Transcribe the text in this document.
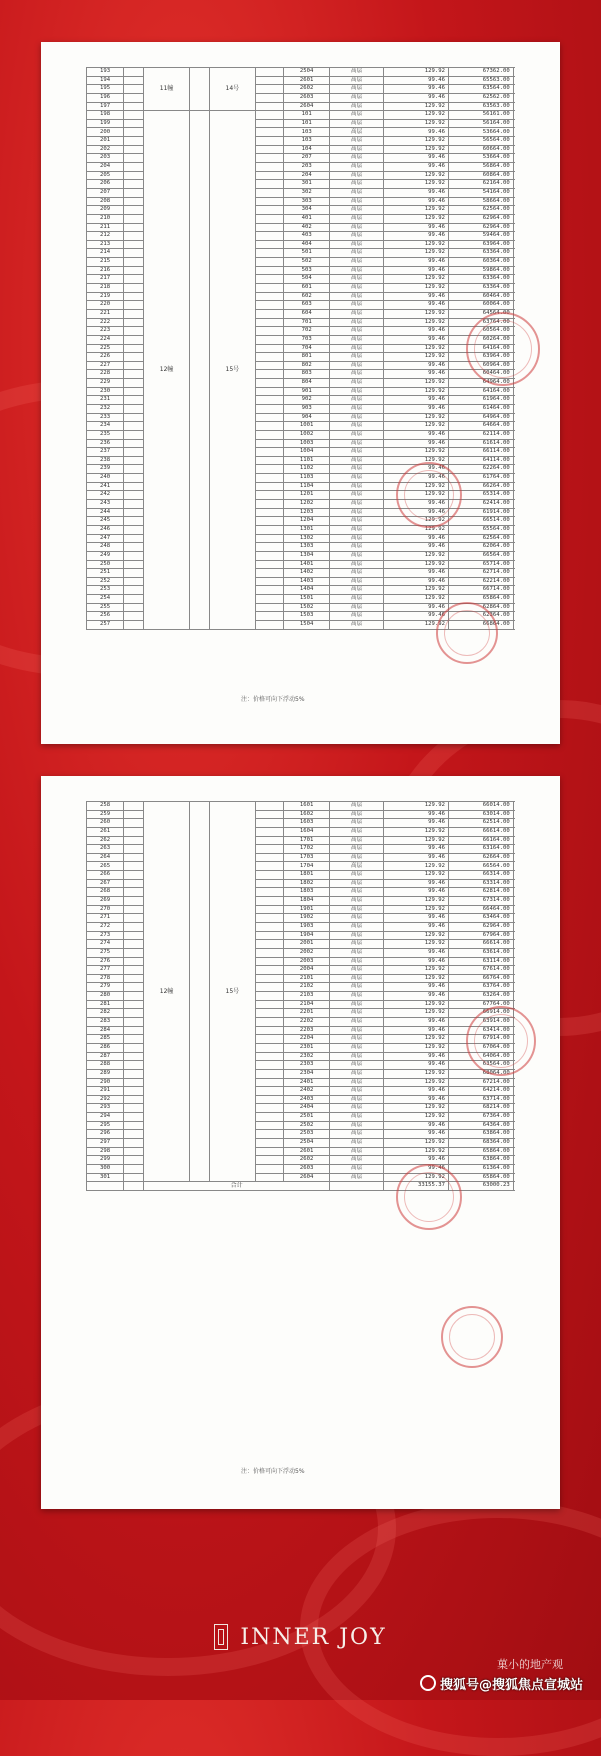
193		11幢		14号		2504	高层	129.92	67362.00	
194						2601	高层	99.46	65563.00	
195						2602	高层	99.46	63564.00	
196						2603	高层	99.46	62562.00	
197						2604	高层	129.92	63563.00	
198		12幢		15号		101	高层	129.92	56161.00	
199						101	高层	129.92	56164.00	
200						103	高层	99.46	53664.00	
201						103	高层	129.92	56564.00	
202						104	高层	129.92	60664.00	
203						207	高层	99.46	53664.00	
204						203	高层	99.46	56864.00	
205						204	高层	129.92	60864.00	
206						301	高层	129.92	62164.00	
207						302	高层	99.46	54164.00	
208						303	高层	99.46	58664.00	
209						304	高层	129.92	62564.00	
210						401	高层	129.92	62964.00	
211						402	高层	99.46	62964.00	
212						403	高层	99.46	59464.00	
213						404	高层	129.92	63964.00	
214						501	高层	129.92	63364.00	
215						502	高层	99.46	60364.00	
216						503	高层	99.46	59864.00	
217						504	高层	129.92	63364.00	
218						601	高层	129.92	63364.00	
219						602	高层	99.46	60464.00	
220						603	高层	99.46	60064.00	
221						604	高层	129.92	64564.00	
222						701	高层	129.92	63764.00	
223						702	高层	99.46	60564.00	
224						703	高层	99.46	60264.00	
225						704	高层	129.92	64164.00	
226						801	高层	129.92	63964.00	
227						802	高层	99.46	60964.00	
228						803	高层	99.46	60464.00	
229						804	高层	129.92	64964.00	
230						901	高层	129.92	64164.00	
231						902	高层	99.46	61964.00	
232						903	高层	99.46	61464.00	
233						904	高层	129.92	64964.00	
234						1001	高层	129.92	64664.00	
235						1002	高层	99.46	62114.00	
236						1003	高层	99.46	61614.00	
237						1004	高层	129.92	66114.00	
238						1101	高层	129.92	64114.00	
239						1102	高层	99.46	62264.00	
240						1103	高层	99.46	61764.00	
241						1104	高层	129.92	66264.00	
242						1201	高层	129.92	65314.00	
243						1202	高层	99.46	62414.00	
244						1203	高层	99.46	61914.00	
245						1204	高层	129.92	66514.00	
246						1301	高层	129.92	65564.00	
247						1302	高层	99.46	62564.00	
248						1303	高层	99.46	62064.00	
249						1304	高层	129.92	66564.00	
250						1401	高层	129.92	65714.00	
251						1402	高层	99.46	62714.00	
252						1403	高层	99.46	62214.00	
253						1404	高层	129.92	66714.00	
254						1501	高层	129.92	65864.00	
255						1502	高层	99.46	62864.00	
256						1503	高层	99.46	62364.00	
257						1504	高层	129.92	66864.00	
注：价格可向下浮动5%
258		12幢		15号		1601	高层	129.92	66014.00	
259						1602	高层	99.46	63014.00	
260						1603	高层	99.46	62514.00	
261						1604	高层	129.92	66614.00	
262						1701	高层	129.92	66164.00	
263						1702	高层	99.46	63164.00	
264						1703	高层	99.46	62664.00	
265						1704	高层	129.92	66564.00	
266						1801	高层	129.92	66314.00	
267						1802	高层	99.46	63314.00	
268						1803	高层	99.46	62814.00	
269						1804	高层	129.92	67314.00	
270						1901	高层	129.92	66464.00	
271						1902	高层	99.46	63464.00	
272						1903	高层	99.46	62964.00	
273						1904	高层	129.92	67964.00	
274						2001	高层	129.92	66614.00	
275						2002	高层	99.46	63614.00	
276						2003	高层	99.46	63114.00	
277						2004	高层	129.92	67614.00	
278						2101	高层	129.92	66764.00	
279						2102	高层	99.46	63764.00	
280						2103	高层	99.46	63264.00	
281						2104	高层	129.92	67764.00	
282						2201	高层	129.92	66914.00	
283						2202	高层	99.46	63914.00	
284						2203	高层	99.46	63414.00	
285						2204	高层	129.92	67914.00	
286						2301	高层	129.92	67064.00	
287						2302	高层	99.46	64064.00	
288						2303	高层	99.46	63564.00	
289						2304	高层	129.92	68064.00	
290						2401	高层	129.92	67214.00	
291						2402	高层	99.46	64214.00	
292						2403	高层	99.46	63714.00	
293						2404	高层	129.92	68214.00	
294						2501	高层	129.92	67364.00	
295						2502	高层	99.46	64364.00	
296						2503	高层	99.46	63864.00	
297						2504	高层	129.92	68364.00	
298						2601	高层	129.92	65864.00	
299						2602	高层	99.46	63864.00	
300						2603	高层	99.46	61364.00	
301						2604	高层	129.92	65864.00	
		合计						33155.37	63000.23	
注：价格可向下浮动5%
INNER JOY
菓小的地产观
搜狐号@搜狐焦点宣城站
